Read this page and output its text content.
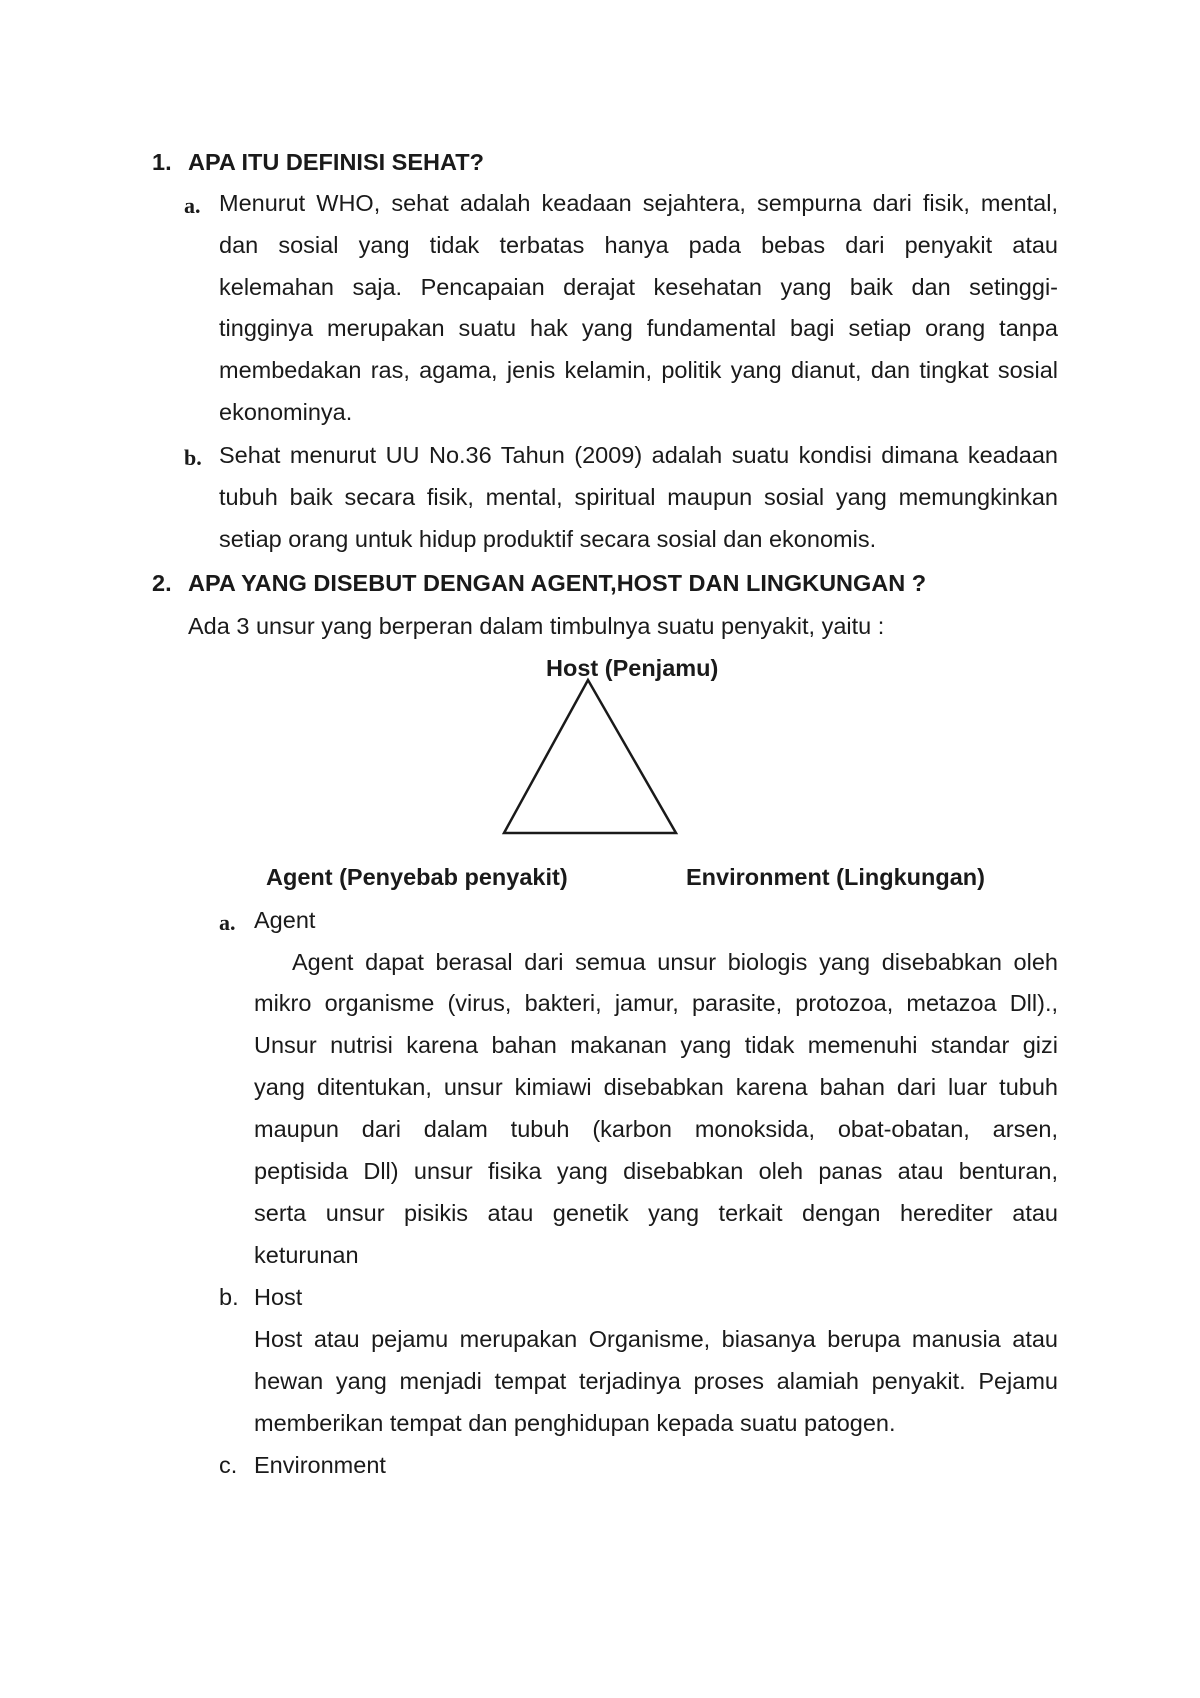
1. APA ITU DEFINISI SEHAT?
a. Menurut WHO, sehat adalah keadaan sejahtera, sempurna dari fisik, mental,
dan sosial yang tidak terbatas hanya pada bebas dari penyakit atau
kelemahan saja. Pencapaian derajat kesehatan yang baik dan setinggi-
tingginya merupakan suatu hak yang fundamental bagi setiap orang tanpa
membedakan ras, agama, jenis kelamin, politik yang dianut, dan tingkat sosial
ekonominya.
b. Sehat menurut UU No.36 Tahun (2009) adalah suatu kondisi dimana keadaan
tubuh baik secara fisik, mental, spiritual maupun sosial yang memungkinkan
setiap orang untuk hidup produktif secara sosial dan ekonomis.
2. APA YANG DISEBUT DENGAN AGENT,HOST DAN LINGKUNGAN ?
Ada 3 unsur yang berperan dalam timbulnya suatu penyakit, yaitu :
Host (Penjamu)
Agent (Penyebab penyakit)	Environment (Lingkungan)
a. Agent
Agent dapat berasal dari semua unsur biologis yang disebabkan oleh
mikro organisme (virus, bakteri, jamur, parasite, protozoa, metazoa Dll).,
Unsur nutrisi karena bahan makanan yang tidak memenuhi standar gizi
yang ditentukan, unsur kimiawi disebabkan karena bahan dari luar tubuh
maupun dari dalam tubuh (karbon monoksida, obat-obatan, arsen,
peptisida Dll) unsur fisika yang disebabkan oleh panas atau benturan,
serta unsur pisikis atau genetik yang terkait dengan herediter atau
keturunan
b. Host
Host atau pejamu merupakan Organisme, biasanya berupa manusia atau
hewan yang menjadi tempat terjadinya proses alamiah penyakit. Pejamu
memberikan tempat dan penghidupan kepada suatu patogen.
c. Environment
